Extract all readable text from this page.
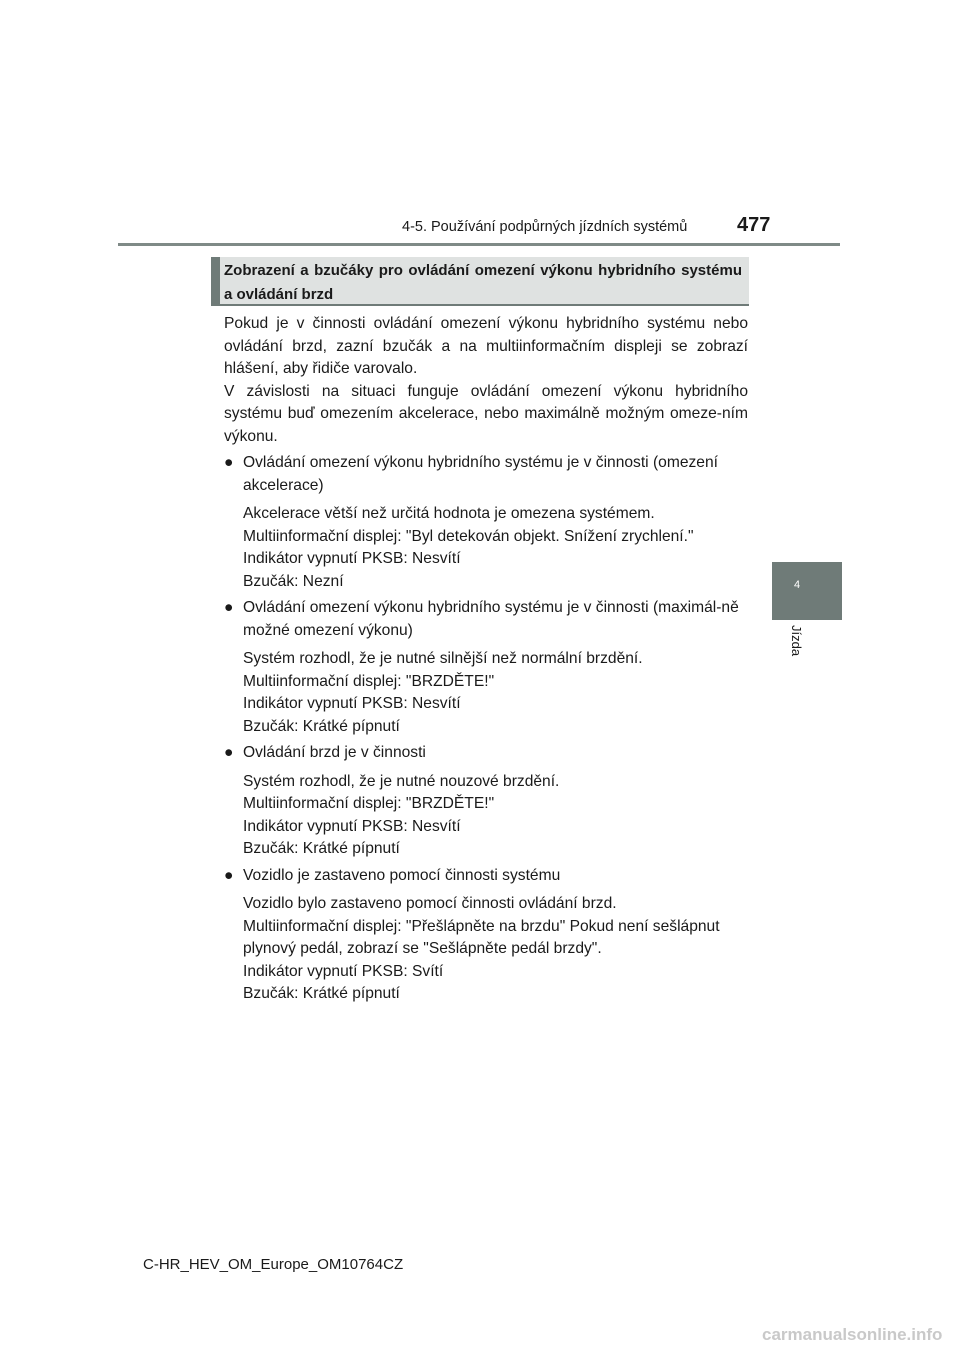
4-5. Používání podpůrných jízdních systémů 477
Zobrazení a bzučáky pro ovládání omezení výkonu hybridního systému a ovládání brzd
4
Jízda

Pokud je v činnosti ovládání omezení výkonu hybridního systému nebo ovládání brzd, zazní bzučák a na multiinformačním displeji se zobrazí hlášení, aby řidiče varovalo.

V závislosti na situaci funguje ovládání omezení výkonu hybridního systému buď omezením akcelerace, nebo maximálně možným omeze-ním výkonu.

● Ovládání omezení výkonu hybridního systému je v činnosti (omezení akcelerace)
Akcelerace větší než určitá hodnota je omezena systémem.
Multiinformační displej: "Byl detekován objekt. Snížení zrychlení."
Indikátor vypnutí PKSB: Nesvítí
Bzučák: Nezní
● Ovládání omezení výkonu hybridního systému je v činnosti (maximál-ně možné omezení výkonu)
Systém rozhodl, že je nutné silnější než normální brzdění.
Multiinformační displej: "BRZDĚTE!"
Indikátor vypnutí PKSB: Nesvítí
Bzučák: Krátké pípnutí
● Ovládání brzd je v činnosti
Systém rozhodl, že je nutné nouzové brzdění.
Multiinformační displej: "BRZDĚTE!"
Indikátor vypnutí PKSB: Nesvítí
Bzučák: Krátké pípnutí
● Vozidlo je zastaveno pomocí činnosti systému
Vozidlo bylo zastaveno pomocí činnosti ovládání brzd.
Multiinformační displej: "Přešlápněte na brzdu" Pokud není sešlápnut plynový pedál, zobrazí se "Sešlápněte pedál brzdy".
Indikátor vypnutí PKSB: Svítí
Bzučák: Krátké pípnutí
C-HR_HEV_OM_Europe_OM10764CZ
carmanualsonline.info
